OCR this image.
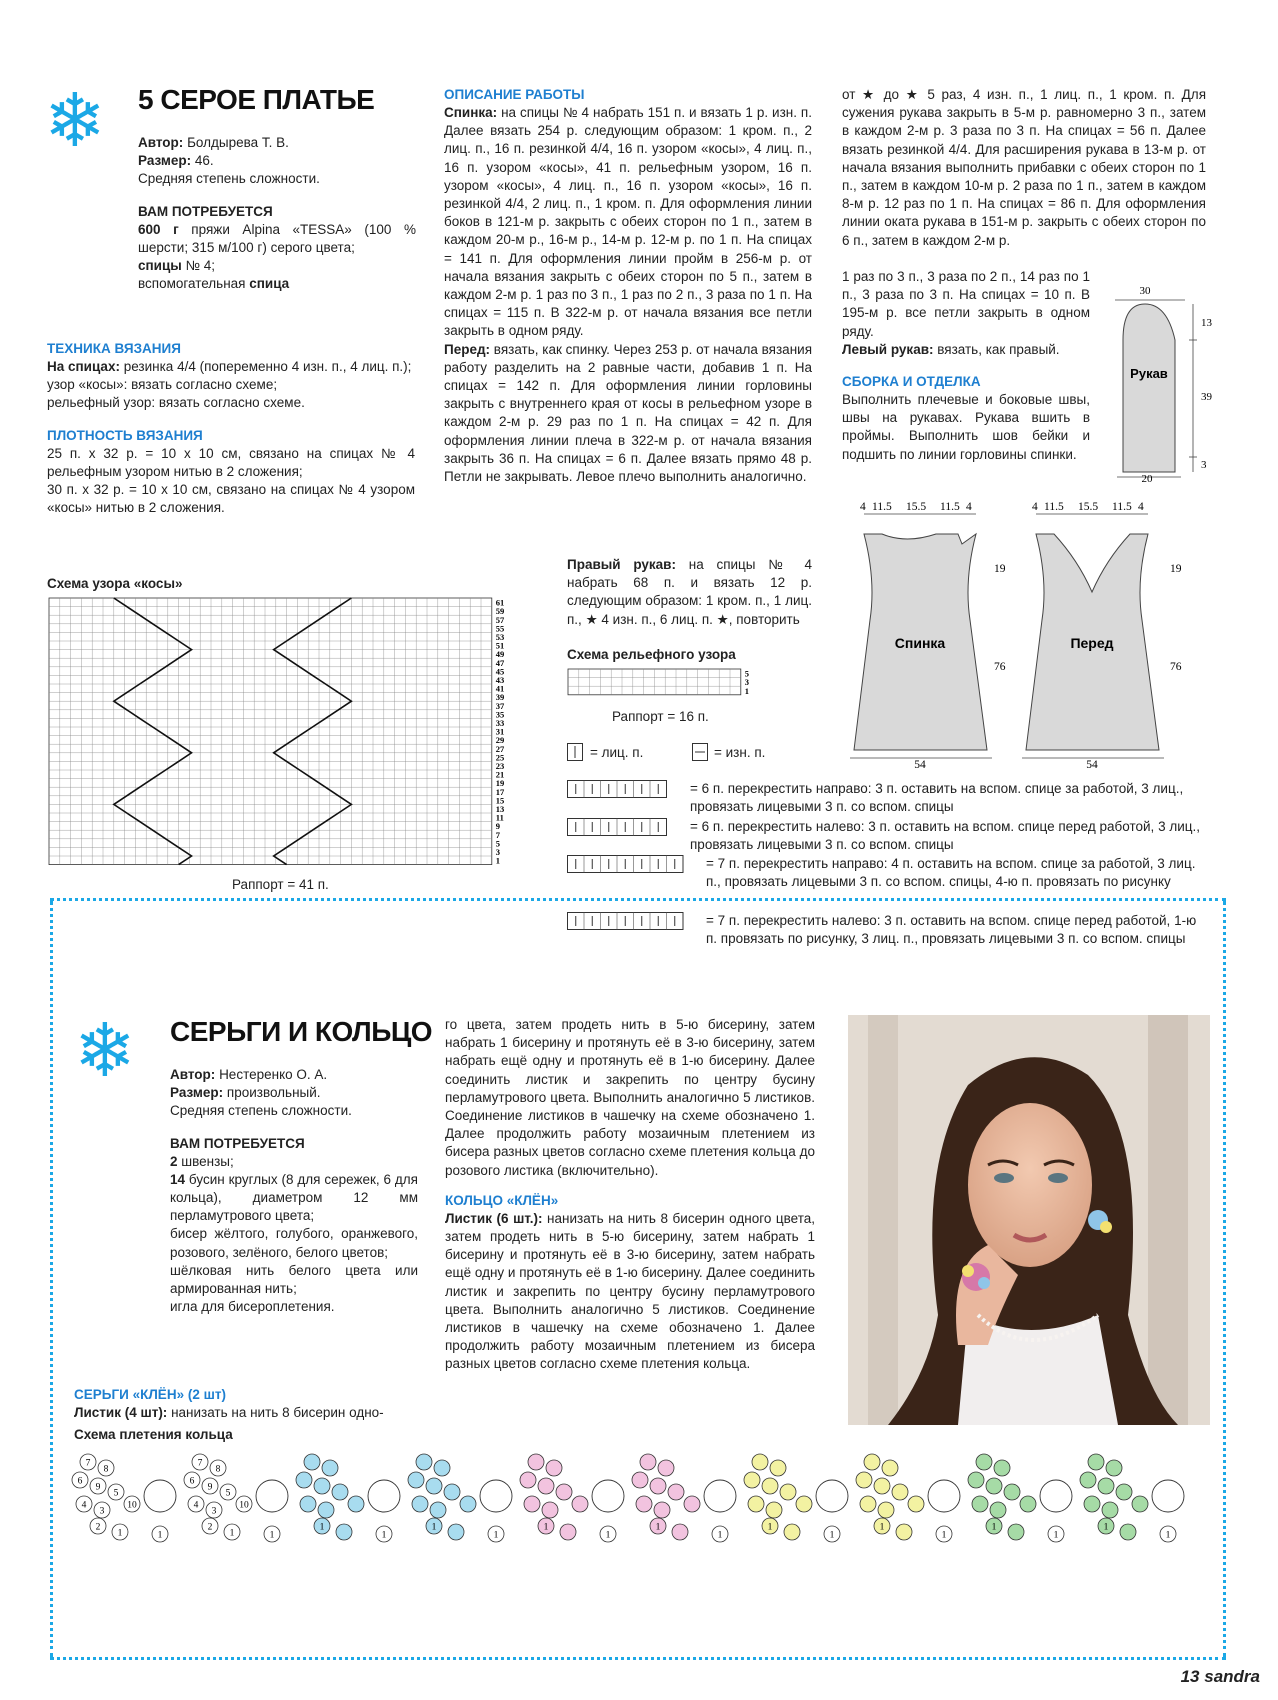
❄ 5 СЕРОЕ ПЛАТЬЕ

Автор: Болдырева Т. В.

Размер: 46.

Средняя степень сложности.

ВАМ ПОТРЕБУЕТСЯ

600 г пряжи Alpina «TESSA» (100 % шерсти; 315 м/100 г) серого цвета;

спицы № 4;

вспомогательная спица

ТЕХНИКА ВЯЗАНИЯ

На спицах: резинка 4/4 (попеременно 4 изн. п., 4 лиц. п.);

узор «косы»: вязать согласно схеме;

рельефный узор: вязать согласно схеме.

ПЛОТНОСТЬ ВЯЗАНИЯ

25 п. х 32 р. = 10 х 10 см, связано на спицах № 4 рельефным узором нитью в 2 сложения;

30 п. х 32 р. = 10 х 10 см, связано на спицах № 4 узором «косы» нитью в 2 сложения.

ОПИСАНИЕ РАБОТЫ

Спинка: на спицы № 4 набрать 151 п. и вязать 1 р. изн. п. Далее вязать 254 р. следующим образом: 1 кром. п., 2 лиц. п., 16 п. резинкой 4/4, 16 п. узором «косы», 4 лиц. п., 16 п. узором «косы», 41 п. рельефным узором, 16 п. узором «косы», 4 лиц. п., 16 п. узором «косы», 16 п. резинкой 4/4, 2 лиц. п., 1 кром. п. Для оформления линии боков в 121-м р. закрыть с обеих сторон по 1 п., затем в каждом 20-м р., 16-м р., 14-м р. 12-м р. по 1 п. На спицах = 141 п. Для оформления линии пройм в 256-м р. от начала вязания закрыть с обеих сторон по 5 п., затем в каждом 2-м р. 1 раз по 3 п., 1 раз по 2 п., 3 раза по 1 п. На спицах = 115 п. В 322-м р. от начала вязания все петли закрыть в одном ряду.

Перед: вязать, как спинку. Через 253 р. от начала вязания работу разделить на 2 равные части, добавив 1 п. На спицах = 142 п. Для оформления линии горловины закрыть с внутреннего края от косы в рельефном узоре в каждом 2-м р. 29 раз по 1 п. На спицах = 42 п. Для оформления линии плеча в 322-м р. от начала вязания закрыть 36 п. На спицах = 6 п. Далее вязать прямо 48 р. Петли не закрывать. Левое плечо выполнить аналогично.

Правый рукав: на спицы № 4 набрать 68 п. и вязать 12 р. следующим образом: 1 кром. п., 1 лиц. п., ★ 4 изн. п., 6 лиц. п. ★, повторить

от ★ до ★ 5 раз, 4 изн. п., 1 лиц. п., 1 кром. п. Для сужения рукава закрыть в 5-м р. равномерно 3 п., затем в каждом 2-м р. 3 раза по 3 п. На спицах = 56 п. Далее вязать резинкой 4/4. Для расширения рукава в 13-м р. от начала вязания выполнить прибавки с обеих сторон по 1 п., затем в каждом 10-м р. 2 раза по 1 п., затем в каждом 8-м р. 12 раз по 1 п. На спицах = 86 п. Для оформления линии оката рукава в 151-м р. закрыть с обеих сторон по 6 п., затем в каждом 2-м р.

1 раз по 3 п., 3 раза по 2 п., 14 раз по 1 п., 3 раза по 3 п. На спицах = 10 п. В 195-м р. все петли закрыть в одном ряду.

Левый рукав: вязать, как правый.

СБОРКА И ОТДЕЛКА

Выполнить плечевые и боковые швы, швы на рукавах. Рукава вшить в проймы. Выполнить шов бейки и подшить по линии горловины спинки.

30
13
39
3
20
Рукав
4 11.5 15.5 11.5 4
Спинка
54
19
76
4 11.5 15.5 11.5 4
Перед
54
19
76
Схема узора «косы»
61
59
57
55
53
51
49
47
45
43
41
39
37
35
33
31
29
27
25
23
21
19
17
15
13
11
9
7
5
3
1
Раппорт = 41 п.
Схема рельефного узора
5
3
1
Раппорт = 16 п.
= лиц. п.	= изн. п.
= 6 п. перекрестить направо: 3 п. оставить на вспом. спице за работой, 3 лиц., провязать лицевыми 3 п. со вспом. спицы
= 6 п. перекрестить налево: 3 п. оставить на вспом. спице перед работой, 3 лиц., провязать лицевыми 3 п. со вспом. спицы
= 7 п. перекрестить направо: 4 п. оставить на вспом. спице за работой, 3 лиц. п., провязать лицевыми 3 п. со вспом. спицы, 4-ю п. провязать по рисунку
= 7 п. перекрестить налево: 3 п. оставить на вспом. спице перед работой, 1-ю п. провязать по рисунку, 3 лиц. п., провязать лицевыми 3 п. со вспом. спицы
❄ СЕРЬГИ И КОЛЬЦО

Автор: Нестеренко О. А.

Размер: произвольный.

Средняя степень сложности.

ВАМ ПОТРЕБУЕТСЯ

2 швензы;

14 бусин круглых (8 для сережек, 6 для кольца), диаметром 12 мм перламутрового цвета;

бисер жёлтого, голубого, оранжевого, розового, зелёного, белого цветов;

шёлковая нить белого цвета или армированная нить;

игла для бисероплетения.

СЕРЬГИ «КЛЁН» (2 шт)

Листик (4 шт): нанизать на нить 8 бисерин одно-

го цвета, затем продеть нить в 5-ю бисерину, затем набрать 1 бисерину и протянуть её в 3-ю бисерину, затем набрать ещё одну и протянуть её в 1-ю бисерину. Далее соединить листик и закрепить по центру бусину перламутрового цвета. Выполнить аналогично 5 листиков. Соединение листиков в чашечку на схеме обозначено 1. Далее продолжить работу мозаичным плетением из бисера разных цветов согласно схеме плетения кольца до розового листика (включительно).

КОЛЬЦО «КЛЁН»

Листик (6 шт.): нанизать на нить 8 бисерин одного цвета, затем продеть нить в 5-ю бисерину, затем набрать 1 бисерину и протянуть её в 3-ю бисерину, затем набрать ещё одну и протянуть её в 1-ю бисерину. Далее соединить листик и закрепить по центру бусину перламутрового цвета. Выполнить аналогично 5 листиков. Соединение листиков в чашечку на схеме обозначено 1. Далее продолжить работу мозаичным плетением из бисера разных цветов согласно схеме плетения кольца.

Схема плетения кольца
7
8
6
9
5
4
3
10
2
1	1
7
8
6
9
5
4
3
10
2
1	1
1
1
1
1
1
1
1
1
1
1
1
1
1
1
1
1
13 sandra
